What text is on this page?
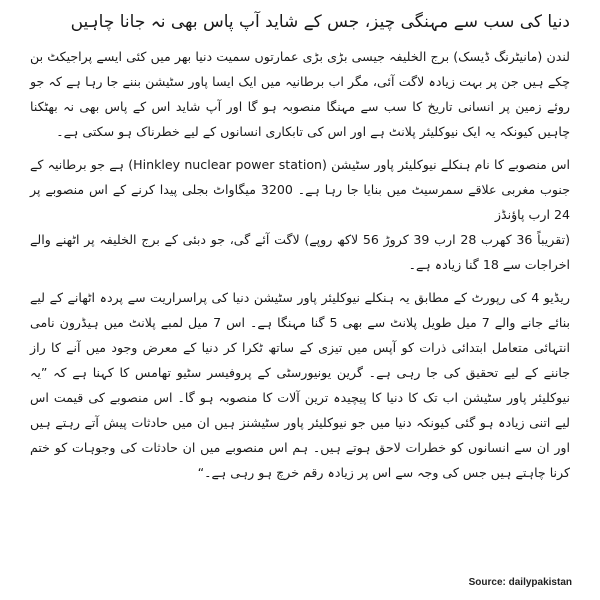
دنیا کی سب سے مہنگی چیز، جس کے شاید آپ پاس بھی نہ جانا چاہیں

لندن (مانیٹرنگ ڈیسک) برج الخلیفہ جیسی بڑی بڑی عمارتوں سمیت دنیا بھر میں کئی ایسے پراجیکٹ بن چکے ہیں جن پر بہت زیادہ لاگت آئی، مگر اب برطانیہ میں ایک ایسا پاور سٹیشن بننے جا رہا ہے کہ جو روئے زمین پر انسانی تاریخ کا سب سے مہنگا منصوبہ ہو گا اور آپ شاید اس کے پاس بھی نہ بھٹکنا چاہیں کیونکہ یہ ایک نیوکلیئر پلانٹ ہے اور اس کی تابکاری انسانوں کے لیے خطرناک ہو سکتی ہے۔

اس منصوبے کا نام ہنکلے نیوکلیئر پاور سٹیشن (Hinkley nuclear power station) ہے جو برطانیہ کے جنوب مغربی علاقے سمرسیٹ میں بنایا جا رہا ہے۔ 3200 میگاواٹ بجلی پیدا کرنے کے اس منصوبے پر 24 ارب پاؤنڈز

(تقریباً 36 کھرب 28 ارب 39 کروڑ 56 لاکھ روپے) لاگت آئے گی، جو دبئی کے برج الخلیفہ پر اٹھنے والے اخراجات سے 18 گنا زیادہ ہے۔

ریڈیو 4 کی رپورٹ کے مطابق یہ ہنکلے نیوکلیئر پاور سٹیشن دنیا کی پراسراریت سے پردہ اٹھانے کے لیے بنائے جانے والے 7 میل طویل پلانٹ سے بھی 5 گنا مہنگا ہے۔ اس 7 میل لمبے پلانٹ میں ہیڈرون نامی انتہائی متعامل ابتدائی ذرات کو آپس میں تیزی کے ساتھ ٹکرا کر دنیا کے معرض وجود میں آنے کا راز جاننے کے لیے تحقیق کی جا رہی ہے۔ گرین یونیورسٹی کے پروفیسر سٹیو تھامس کا کہنا ہے کہ ”یہ نیوکلیئر پاور سٹیشن اب تک کا دنیا کا پیچیدہ ترین آلات کا منصوبہ ہو گا۔ اس منصوبے کی قیمت اس لیے اتنی زیادہ ہو گئی کیونکہ دنیا میں جو نیوکلیئر پاور سٹیشنز ہیں ان میں حادثات پیش آتے رہتے ہیں اور ان سے انسانوں کو خطرات لاحق ہوتے ہیں۔ ہم اس منصوبے میں ان حادثات کی وجوہات کو ختم کرنا چاہتے ہیں جس کی وجہ سے اس پر زیادہ رقم خرچ ہو رہی ہے۔“

Source: dailypakistan
